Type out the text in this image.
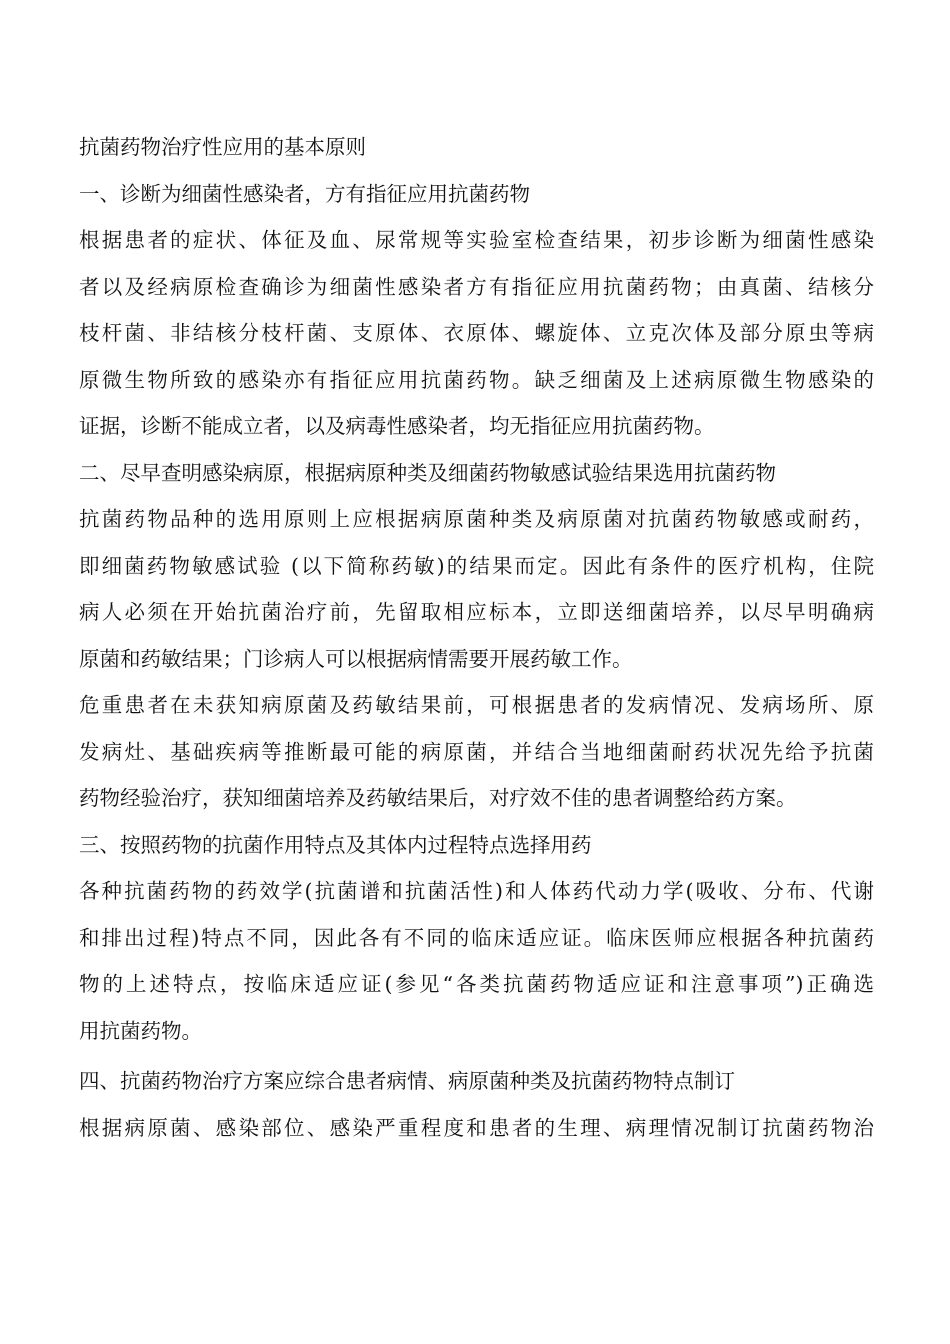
抗菌药物治疗性应用的基本原则
一、诊断为细菌性感染者，方有指征应用抗菌药物
根据患者的症状、体征及血、尿常规等实验室检查结果，初步诊断为细菌性感染
者以及经病原检查确诊为细菌性感染者方有指征应用抗菌药物；由真菌、结核分
枝杆菌、非结核分枝杆菌、支原体、衣原体、螺旋体、立克次体及部分原虫等病
原微生物所致的感染亦有指征应用抗菌药物。缺乏细菌及上述病原微生物感染的
证据，诊断不能成立者，以及病毒性感染者，均无指征应用抗菌药物。
二、尽早查明感染病原，根据病原种类及细菌药物敏感试验结果选用抗菌药物
抗菌药物品种的选用原则上应根据病原菌种类及病原菌对抗菌药物敏感或耐药，
即细菌药物敏感试验 (以下简称药敏)的结果而定。因此有条件的医疗机构，住院
病人必须在开始抗菌治疗前，先留取相应标本，立即送细菌培养，以尽早明确病
原菌和药敏结果；门诊病人可以根据病情需要开展药敏工作。
危重患者在未获知病原菌及药敏结果前，可根据患者的发病情况、发病场所、原
发病灶、基础疾病等推断最可能的病原菌，并结合当地细菌耐药状况先给予抗菌
药物经验治疗，获知细菌培养及药敏结果后，对疗效不佳的患者调整给药方案。
三、按照药物的抗菌作用特点及其体内过程特点选择用药
各种抗菌药物的药效学(抗菌谱和抗菌活性)和人体药代动力学(吸收、分布、代谢
和排出过程)特点不同，因此各有不同的临床适应证。临床医师应根据各种抗菌药
物的上述特点，按临床适应证(参见“各类抗菌药物适应证和注意事项”)正确选
用抗菌药物。
四、抗菌药物治疗方案应综合患者病情、病原菌种类及抗菌药物特点制订
根据病原菌、感染部位、感染严重程度和患者的生理、病理情况制订抗菌药物治
